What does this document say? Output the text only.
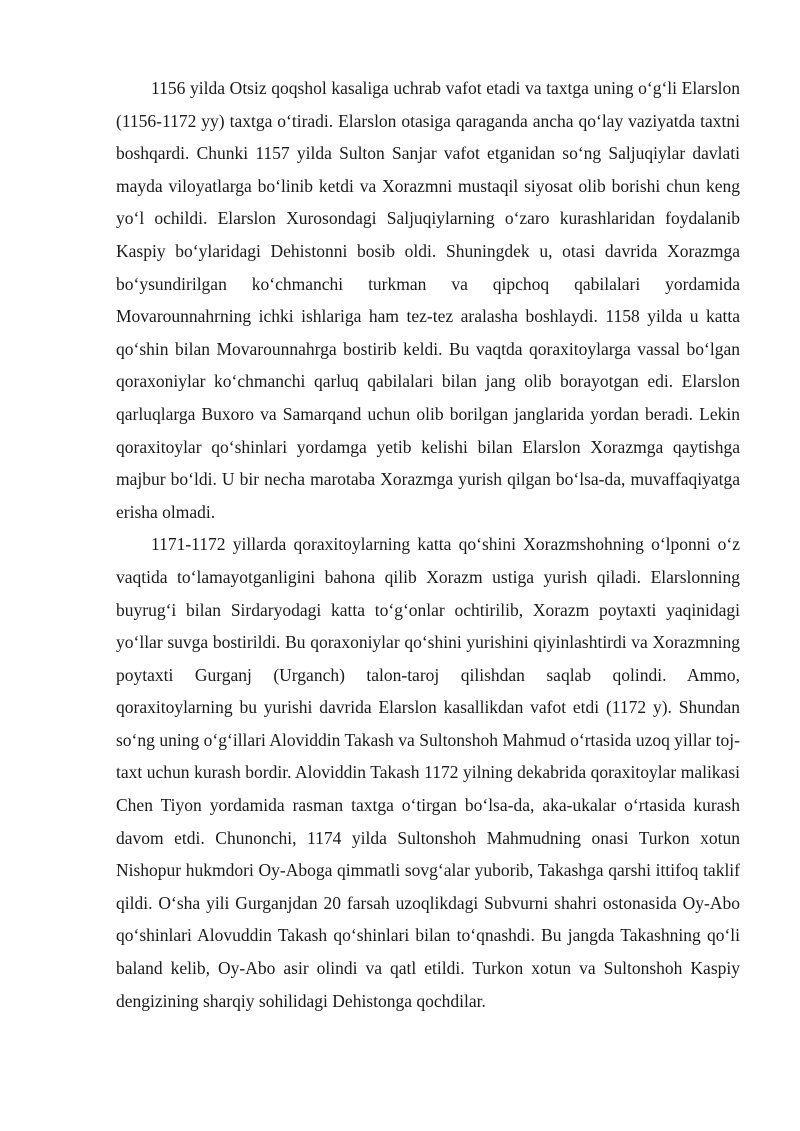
1156 yilda Otsiz qoqshol kasaliga uchrab vafot etadi va taxtga uning o‘g‘li Elarslon (1156-1172 yy) taxtga o‘tiradi. Elarslon otasiga qaraganda ancha qo‘lay vaziyatda taxtni boshqardi. Chunki 1157 yilda Sulton Sanjar vafot etganidan so‘ng Saljuqiylar davlati mayda viloyatlarga bo‘linib ketdi va Xorazmni mustaqil siyosat olib borishi chun keng yo‘l ochildi. Elarslon Xurosondagi Saljuqiylarning o‘zaro kurashlaridan foydalanib Kaspiy bo‘ylaridagi Dehistonni bosib oldi. Shuningdek u, otasi davrida Xorazmga bo‘ysundirilgan ko‘chmanchi turkman va qipchoq qabilalari yordamida Movarounnahrning ichki ishlariga ham tez-tez aralasha boshlaydi. 1158 yilda u katta qo‘shin bilan Movarounnahrga bostirib keldi. Bu vaqtda qoraxitoylarga vassal bo‘lgan qoraxoniylar ko‘chmanchi qarluq qabilalari bilan jang olib borayotgan edi. Elarslon qarluqlarga Buxoro va Samarqand uchun olib borilgan janglarida yordan beradi. Lekin qoraxitoylar qo‘shinlari yordamga yetib kelishi bilan Elarslon Xorazmga qaytishga majbur bo‘ldi. U bir necha marotaba Xorazmga yurish qilgan bo‘lsa-da, muvaffaqiyatga erisha olmadi.

1171-1172 yillarda qoraxitoylarning katta qo‘shini Xorazmshohning o‘lponni o‘z vaqtida to‘lamayotganligini bahona qilib Xorazm ustiga yurish qiladi. Elarslonning buyrug‘i bilan Sirdaryodagi katta to‘g‘onlar ochtirilib, Xorazm poytaxti yaqinidagi yo‘llar suvga bostirildi. Bu qoraxoniylar qo‘shini yurishini qiyinlashtirdi va Xorazmning poytaxti Gurganj (Urganch) talon-taroj qilishdan saqlab qolindi. Ammo, qoraxitoylarning bu yurishi davrida Elarslon kasallikdan vafot etdi (1172 y). Shundan so‘ng uning o‘g‘illari Aloviddin Takash va Sultonshoh Mahmud o‘rtasida uzoq yillar toj-taxt uchun kurash bordir. Aloviddin Takash 1172 yilning dekabrida qoraxitoylar malikasi Chen Tiyon yordamida rasman taxtga o‘tirgan bo‘lsa-da, aka-ukalar o‘rtasida kurash davom etdi. Chunonchi, 1174 yilda Sultonshoh Mahmudning onasi Turkon xotun Nishopur hukmdori Oy-Aboga qimmatli sovg‘alar yuborib, Takashga qarshi ittifoq taklif qildi. O‘sha yili Gurganjdan 20 farsah uzoqlikdagi Subvurni shahri ostonasida Oy-Abo qo‘shinlari Alovuddin Takash qo‘shinlari bilan to‘qnashdi. Bu jangda Takashning qo‘li baland kelib, Oy-Abo asir olindi va qatl etildi. Turkon xotun va Sultonshoh Kaspiy dengizining sharqiy sohilidagi Dehistonga qochdilar.
